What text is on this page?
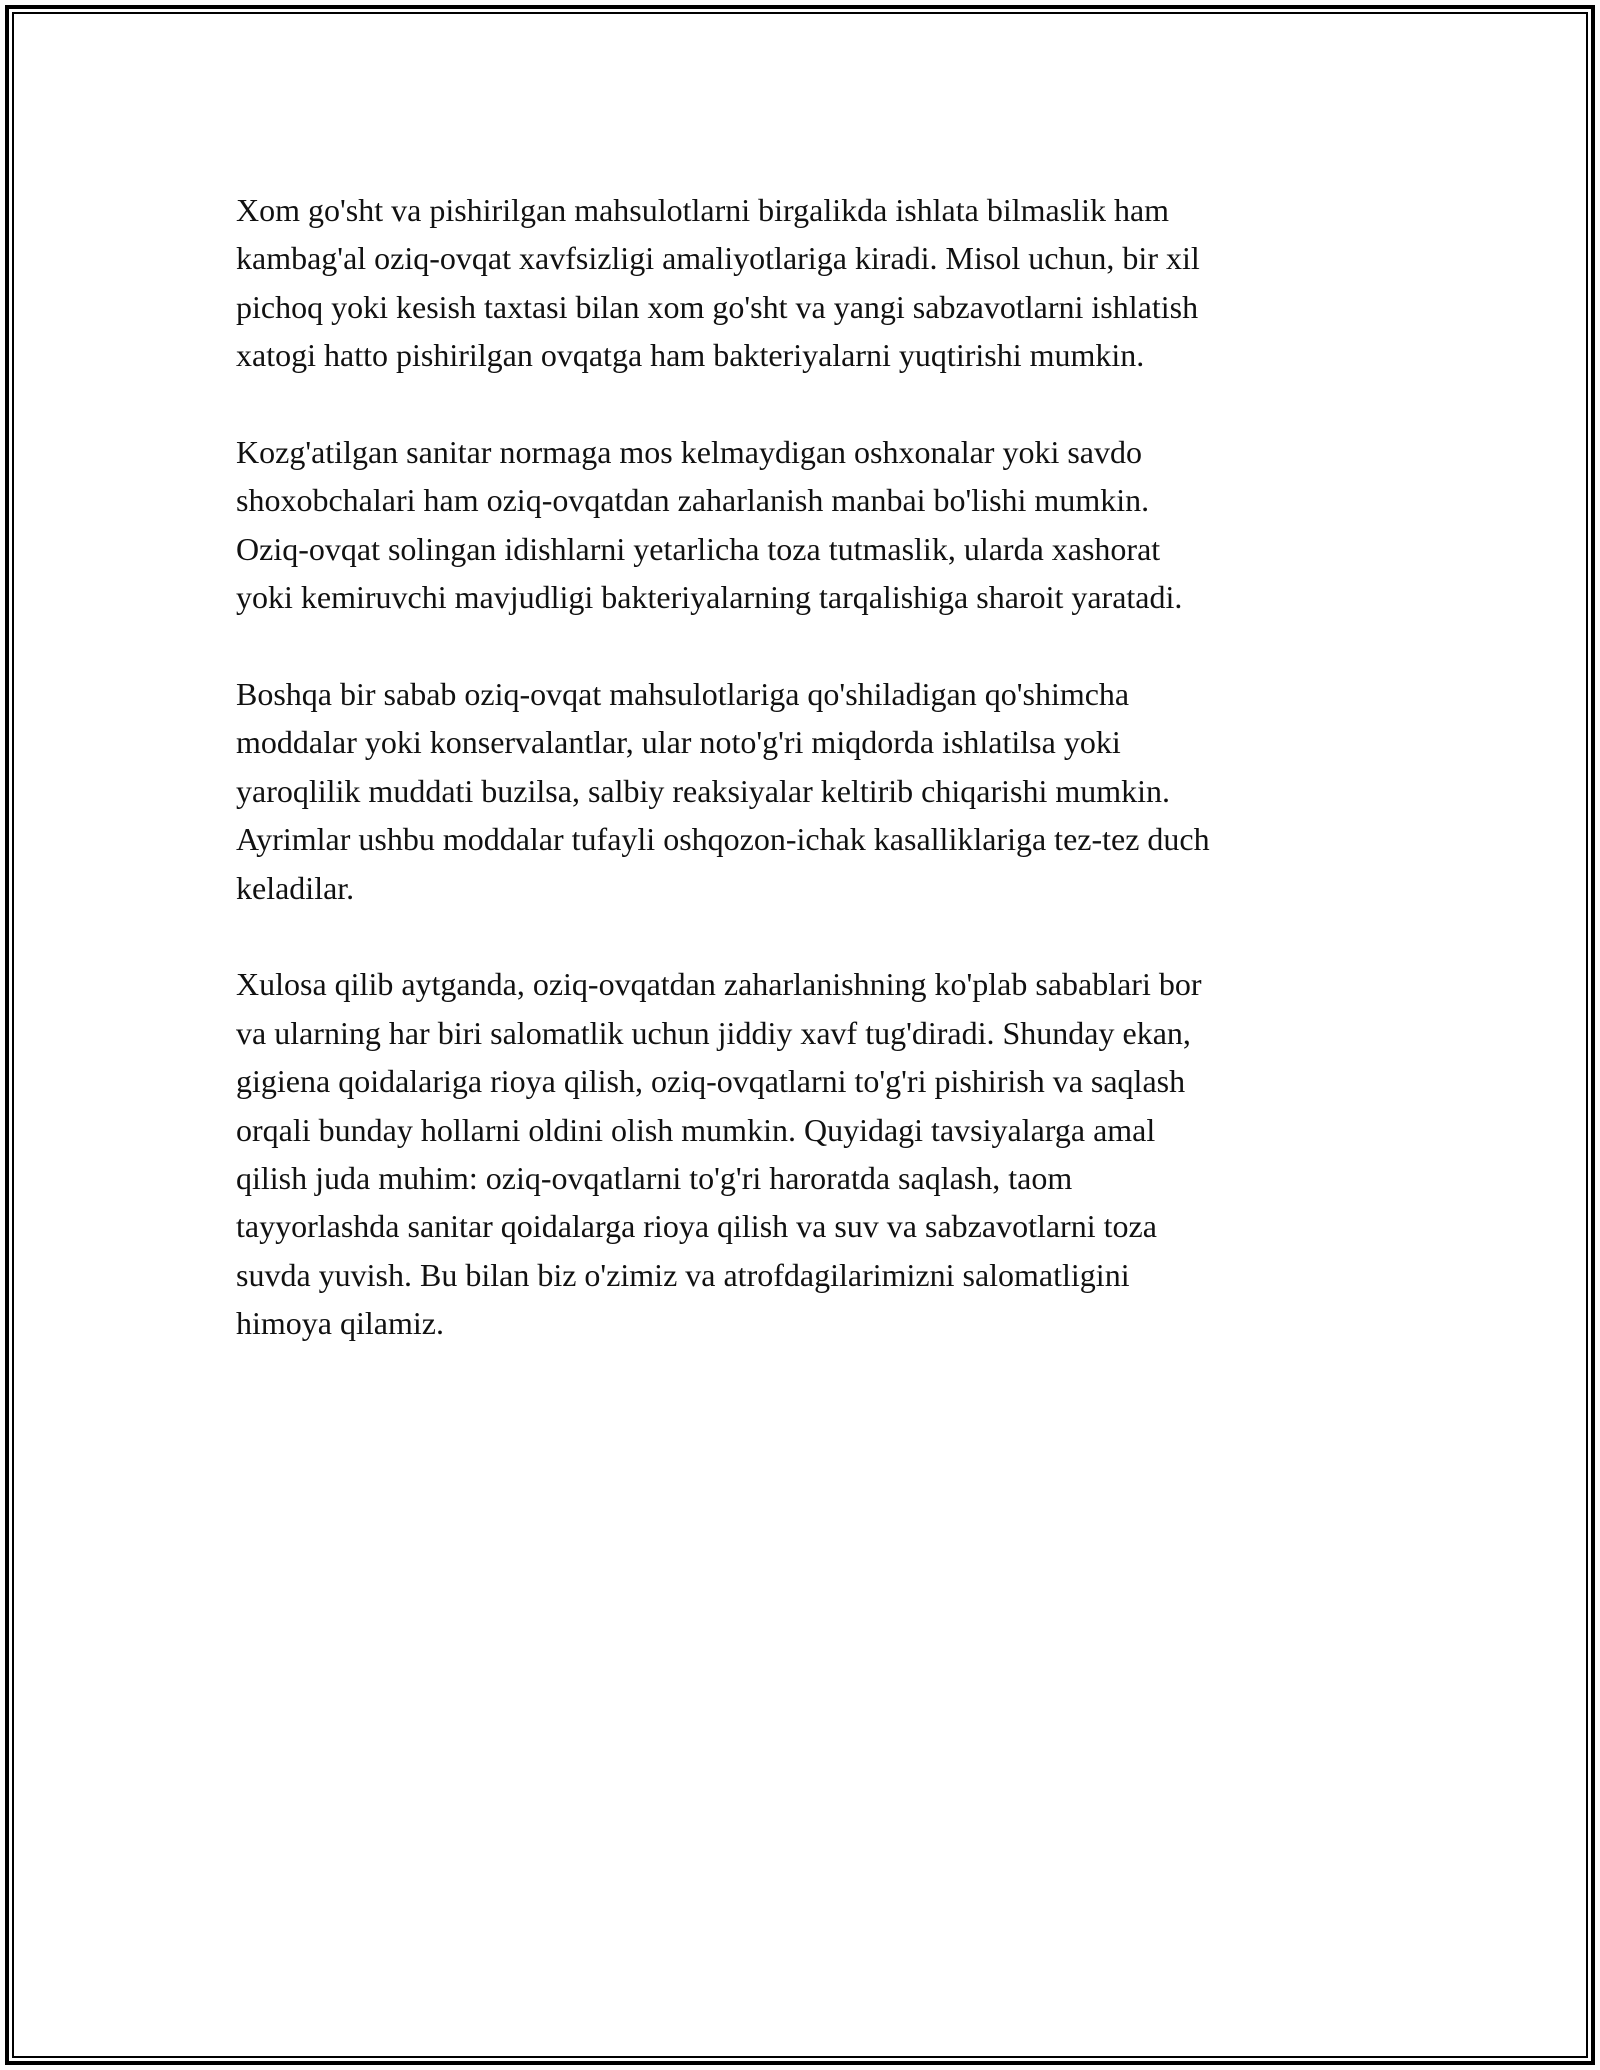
Xom go'sht va pishirilgan mahsulotlarni birgalikda ishlata bilmaslik ham
kambag'al oziq-ovqat xavfsizligi amaliyotlariga kiradi. Misol uchun, bir xil
pichoq yoki kesish taxtasi bilan xom go'sht va yangi sabzavotlarni ishlatish
xatogi hatto pishirilgan ovqatga ham bakteriyalarni yuqtirishi mumkin.

Kozg'atilgan sanitar normaga mos kelmaydigan oshxonalar yoki savdo
shoxobchalari ham oziq-ovqatdan zaharlanish manbai bo'lishi mumkin.
Oziq-ovqat solingan idishlarni yetarlicha toza tutmaslik, ularda xashorat
yoki kemiruvchi mavjudligi bakteriyalarning tarqalishiga sharoit yaratadi.

Boshqa bir sabab oziq-ovqat mahsulotlariga qo'shiladigan qo'shimcha
moddalar yoki konservalantlar, ular noto'g'ri miqdorda ishlatilsa yoki
yaroqlilik muddati buzilsa, salbiy reaksiyalar keltirib chiqarishi mumkin.
Ayrimlar ushbu moddalar tufayli oshqozon-ichak kasalliklariga tez-tez duch
keladilar.

Xulosa qilib aytganda, oziq-ovqatdan zaharlanishning ko'plab sabablari bor
va ularning har biri salomatlik uchun jiddiy xavf tug'diradi. Shunday ekan,
gigiena qoidalariga rioya qilish, oziq-ovqatlarni to'g'ri pishirish va saqlash
orqali bunday hollarni oldini olish mumkin. Quyidagi tavsiyalarga amal
qilish juda muhim: oziq-ovqatlarni to'g'ri haroratda saqlash, taom
tayyorlashda sanitar qoidalarga rioya qilish va suv va sabzavotlarni toza
suvda yuvish. Bu bilan biz o'zimiz va atrofdagilarimizni salomatligini
himoya qilamiz.
